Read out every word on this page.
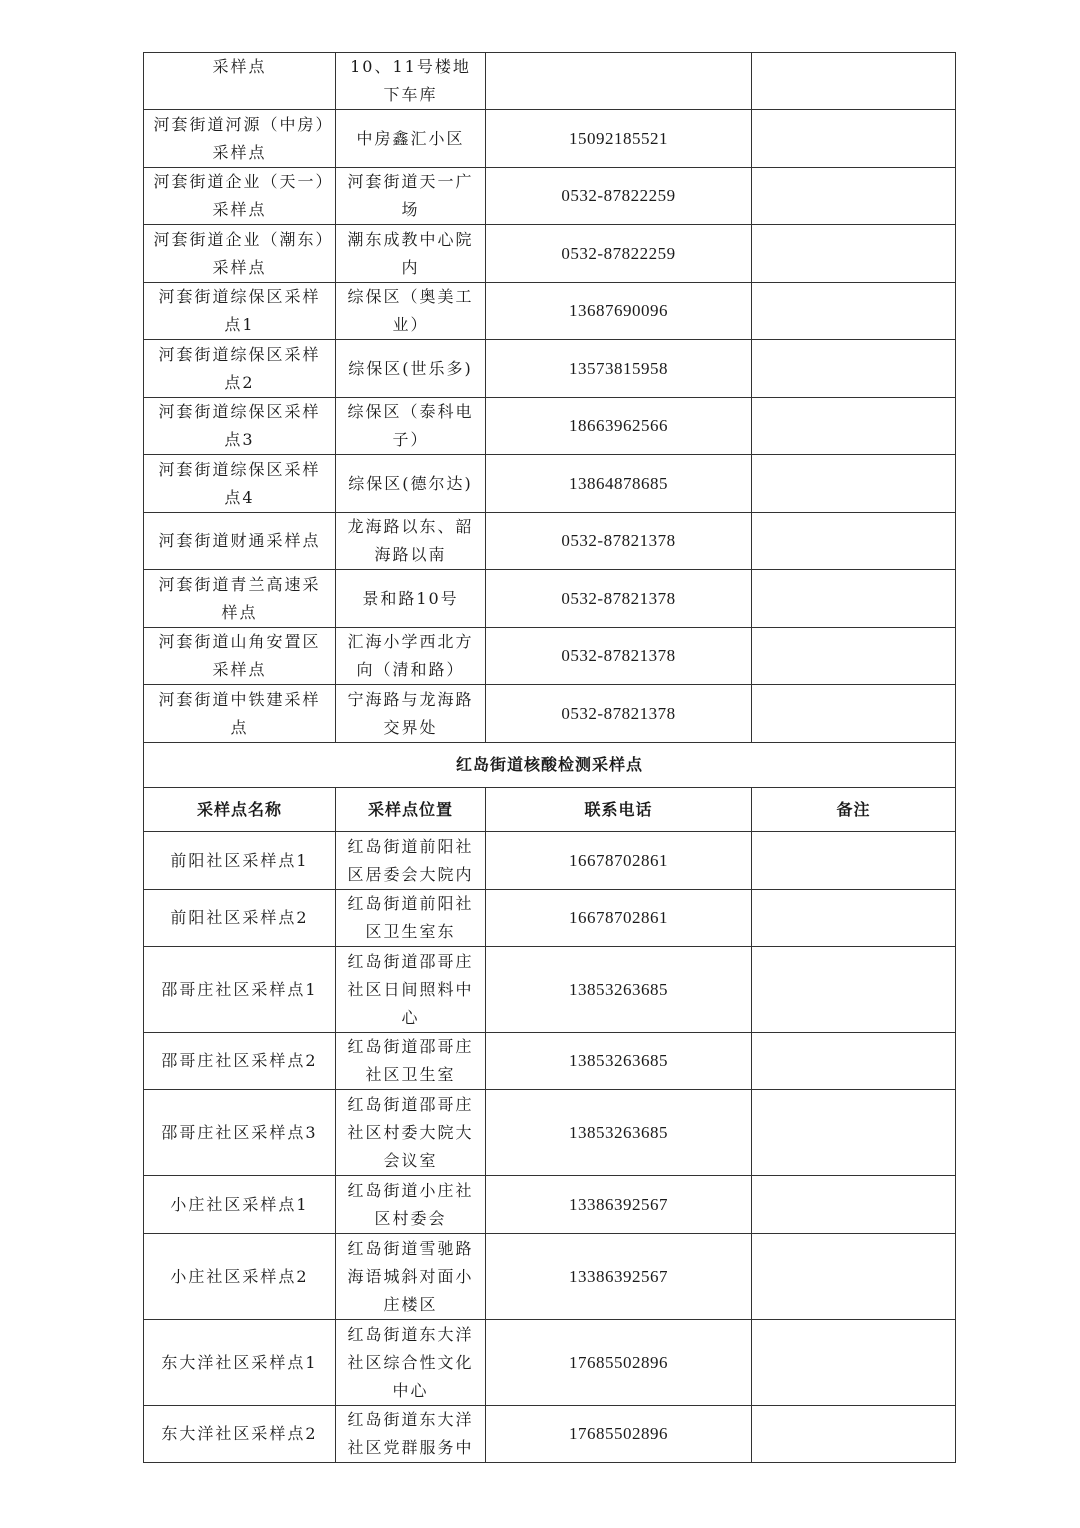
采样点	10、11号楼地下车库		
河套街道河源（中房）采样点	中房鑫汇小区	15092185521	
河套街道企业（天一）采样点	河套街道天一广场	0532-87822259	
河套街道企业（潮东）采样点	潮东成教中心院内	0532-87822259	
河套街道综保区采样点1	综保区（奥美工业）	13687690096	
河套街道综保区采样点2	综保区(世乐多)	13573815958	
河套街道综保区采样点3	综保区（泰科电子）	18663962566	
河套街道综保区采样点4	综保区(德尔达)	13864878685	
河套街道财通采样点	龙海路以东、韶海路以南	0532-87821378	
河套街道青兰高速采样点	景和路10号	0532-87821378	
河套街道山角安置区采样点	汇海小学西北方向（清和路）	0532-87821378	
河套街道中铁建采样点	宁海路与龙海路交界处	0532-87821378	
红岛街道核酸检测采样点			
采样点名称	采样点位置	联系电话	备注
前阳社区采样点1	红岛街道前阳社区居委会大院内	16678702861	
前阳社区采样点2	红岛街道前阳社区卫生室东	16678702861	
邵哥庄社区采样点1	红岛街道邵哥庄社区日间照料中心	13853263685	
邵哥庄社区采样点2	红岛街道邵哥庄社区卫生室	13853263685	
邵哥庄社区采样点3	红岛街道邵哥庄社区村委大院大会议室	13853263685	
小庄社区采样点1	红岛街道小庄社区村委会	13386392567	
小庄社区采样点2	红岛街道雪驰路海语城斜对面小庄楼区	13386392567	
东大洋社区采样点1	红岛街道东大洋社区综合性文化中心	17685502896	
东大洋社区采样点2	红岛街道东大洋社区党群服务中	17685502896	
